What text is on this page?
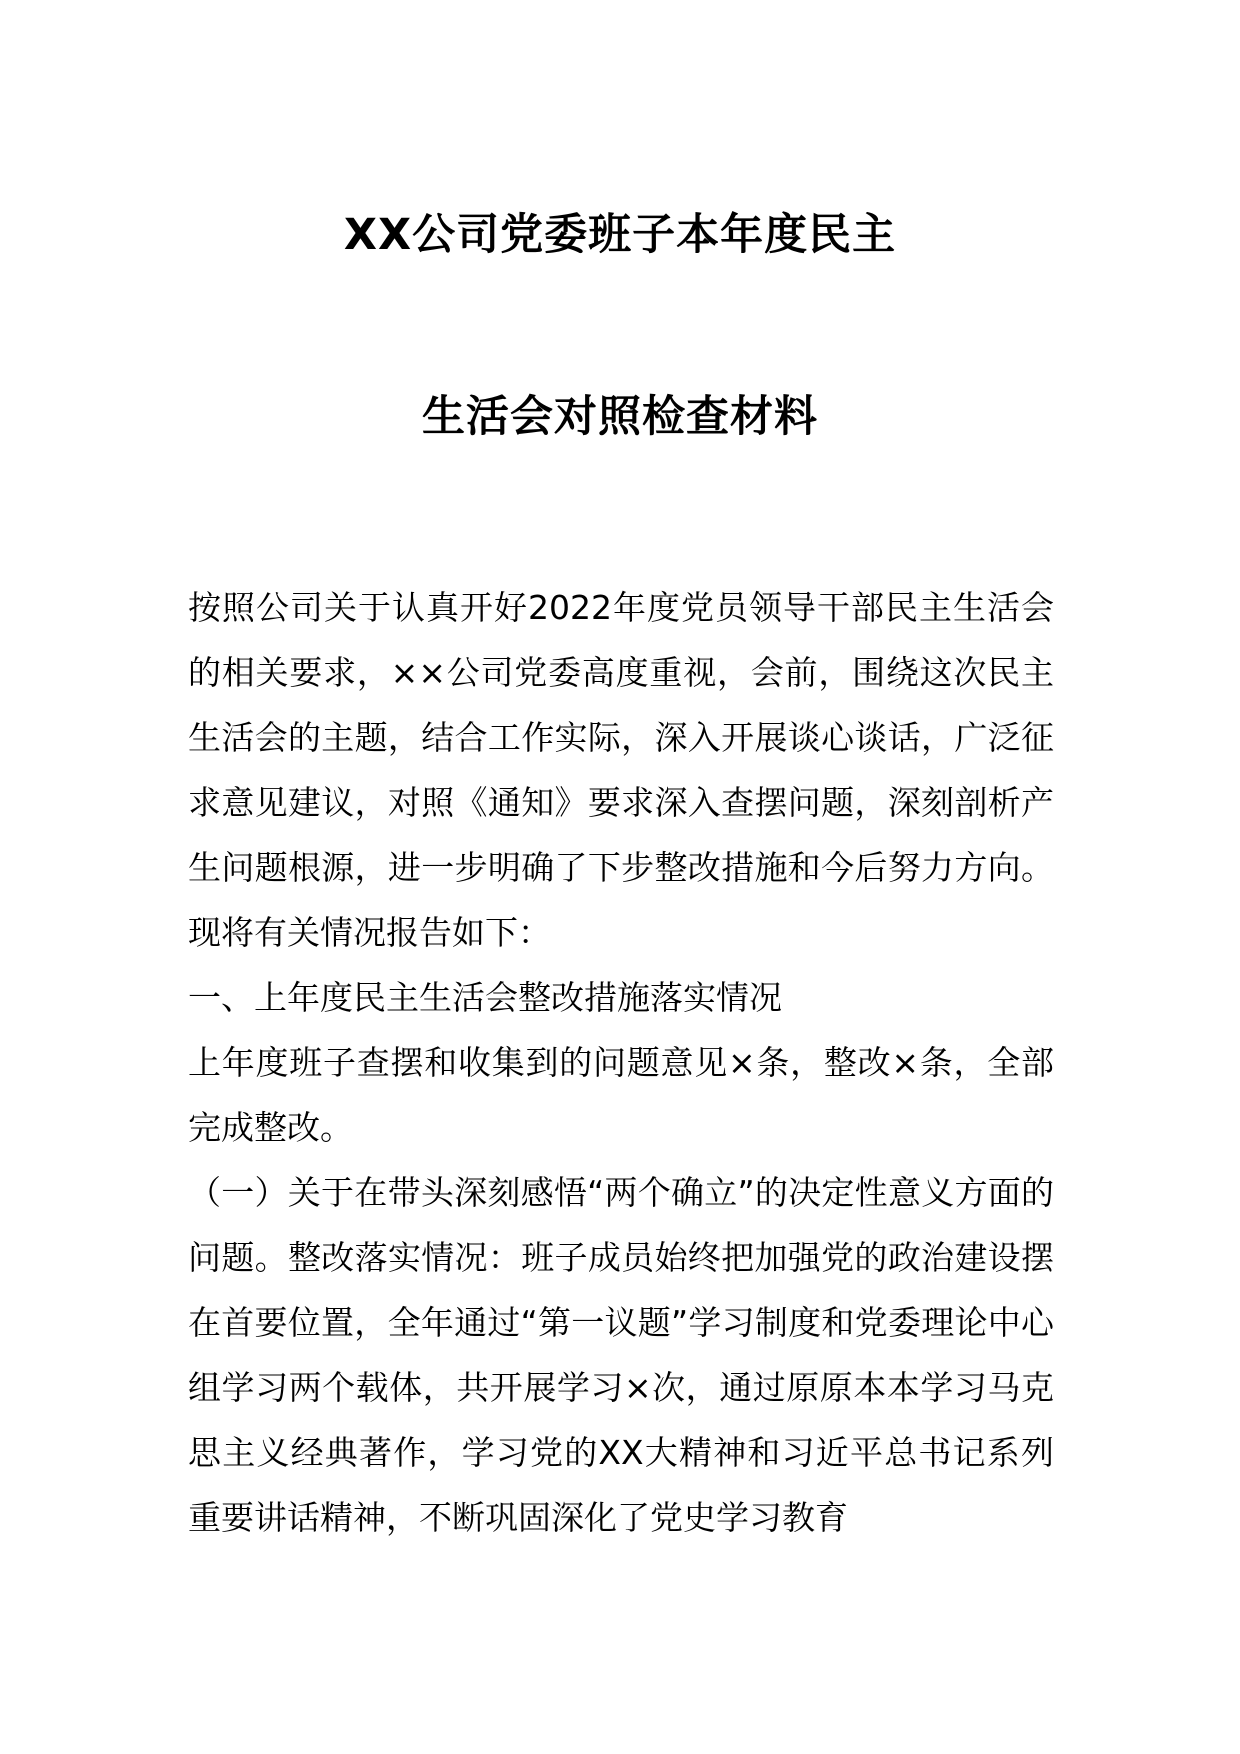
XX公司党委班子本年度民主
生活会对照检查材料

按照公司关于认真开好2022年度党员领导干部民主生活会的相关要求，××公司党委高度重视，会前，围绕这次民主生活会的主题，结合工作实际，深入开展谈心谈话，广泛征求意见建议，对照《通知》要求深入查摆问题，深刻剖析产生问题根源，进一步明确了下步整改措施和今后努力方向。现将有关情况报告如下：

一、上年度民主生活会整改措施落实情况

上年度班子查摆和收集到的问题意见×条，整改×条，全部完成整改。

（一）关于在带头深刻感悟“两个确立”的决定性意义方面的问题。整改落实情况：班子成员始终把加强党的政治建设摆在首要位置，全年通过“第一议题”学习制度和党委理论中心组学习两个载体，共开展学习×次，通过原原本本学习马克思主义经典著作，学习党的XX大精神和习近平总书记系列重要讲话精神，不断巩固深化了党史学习教育
